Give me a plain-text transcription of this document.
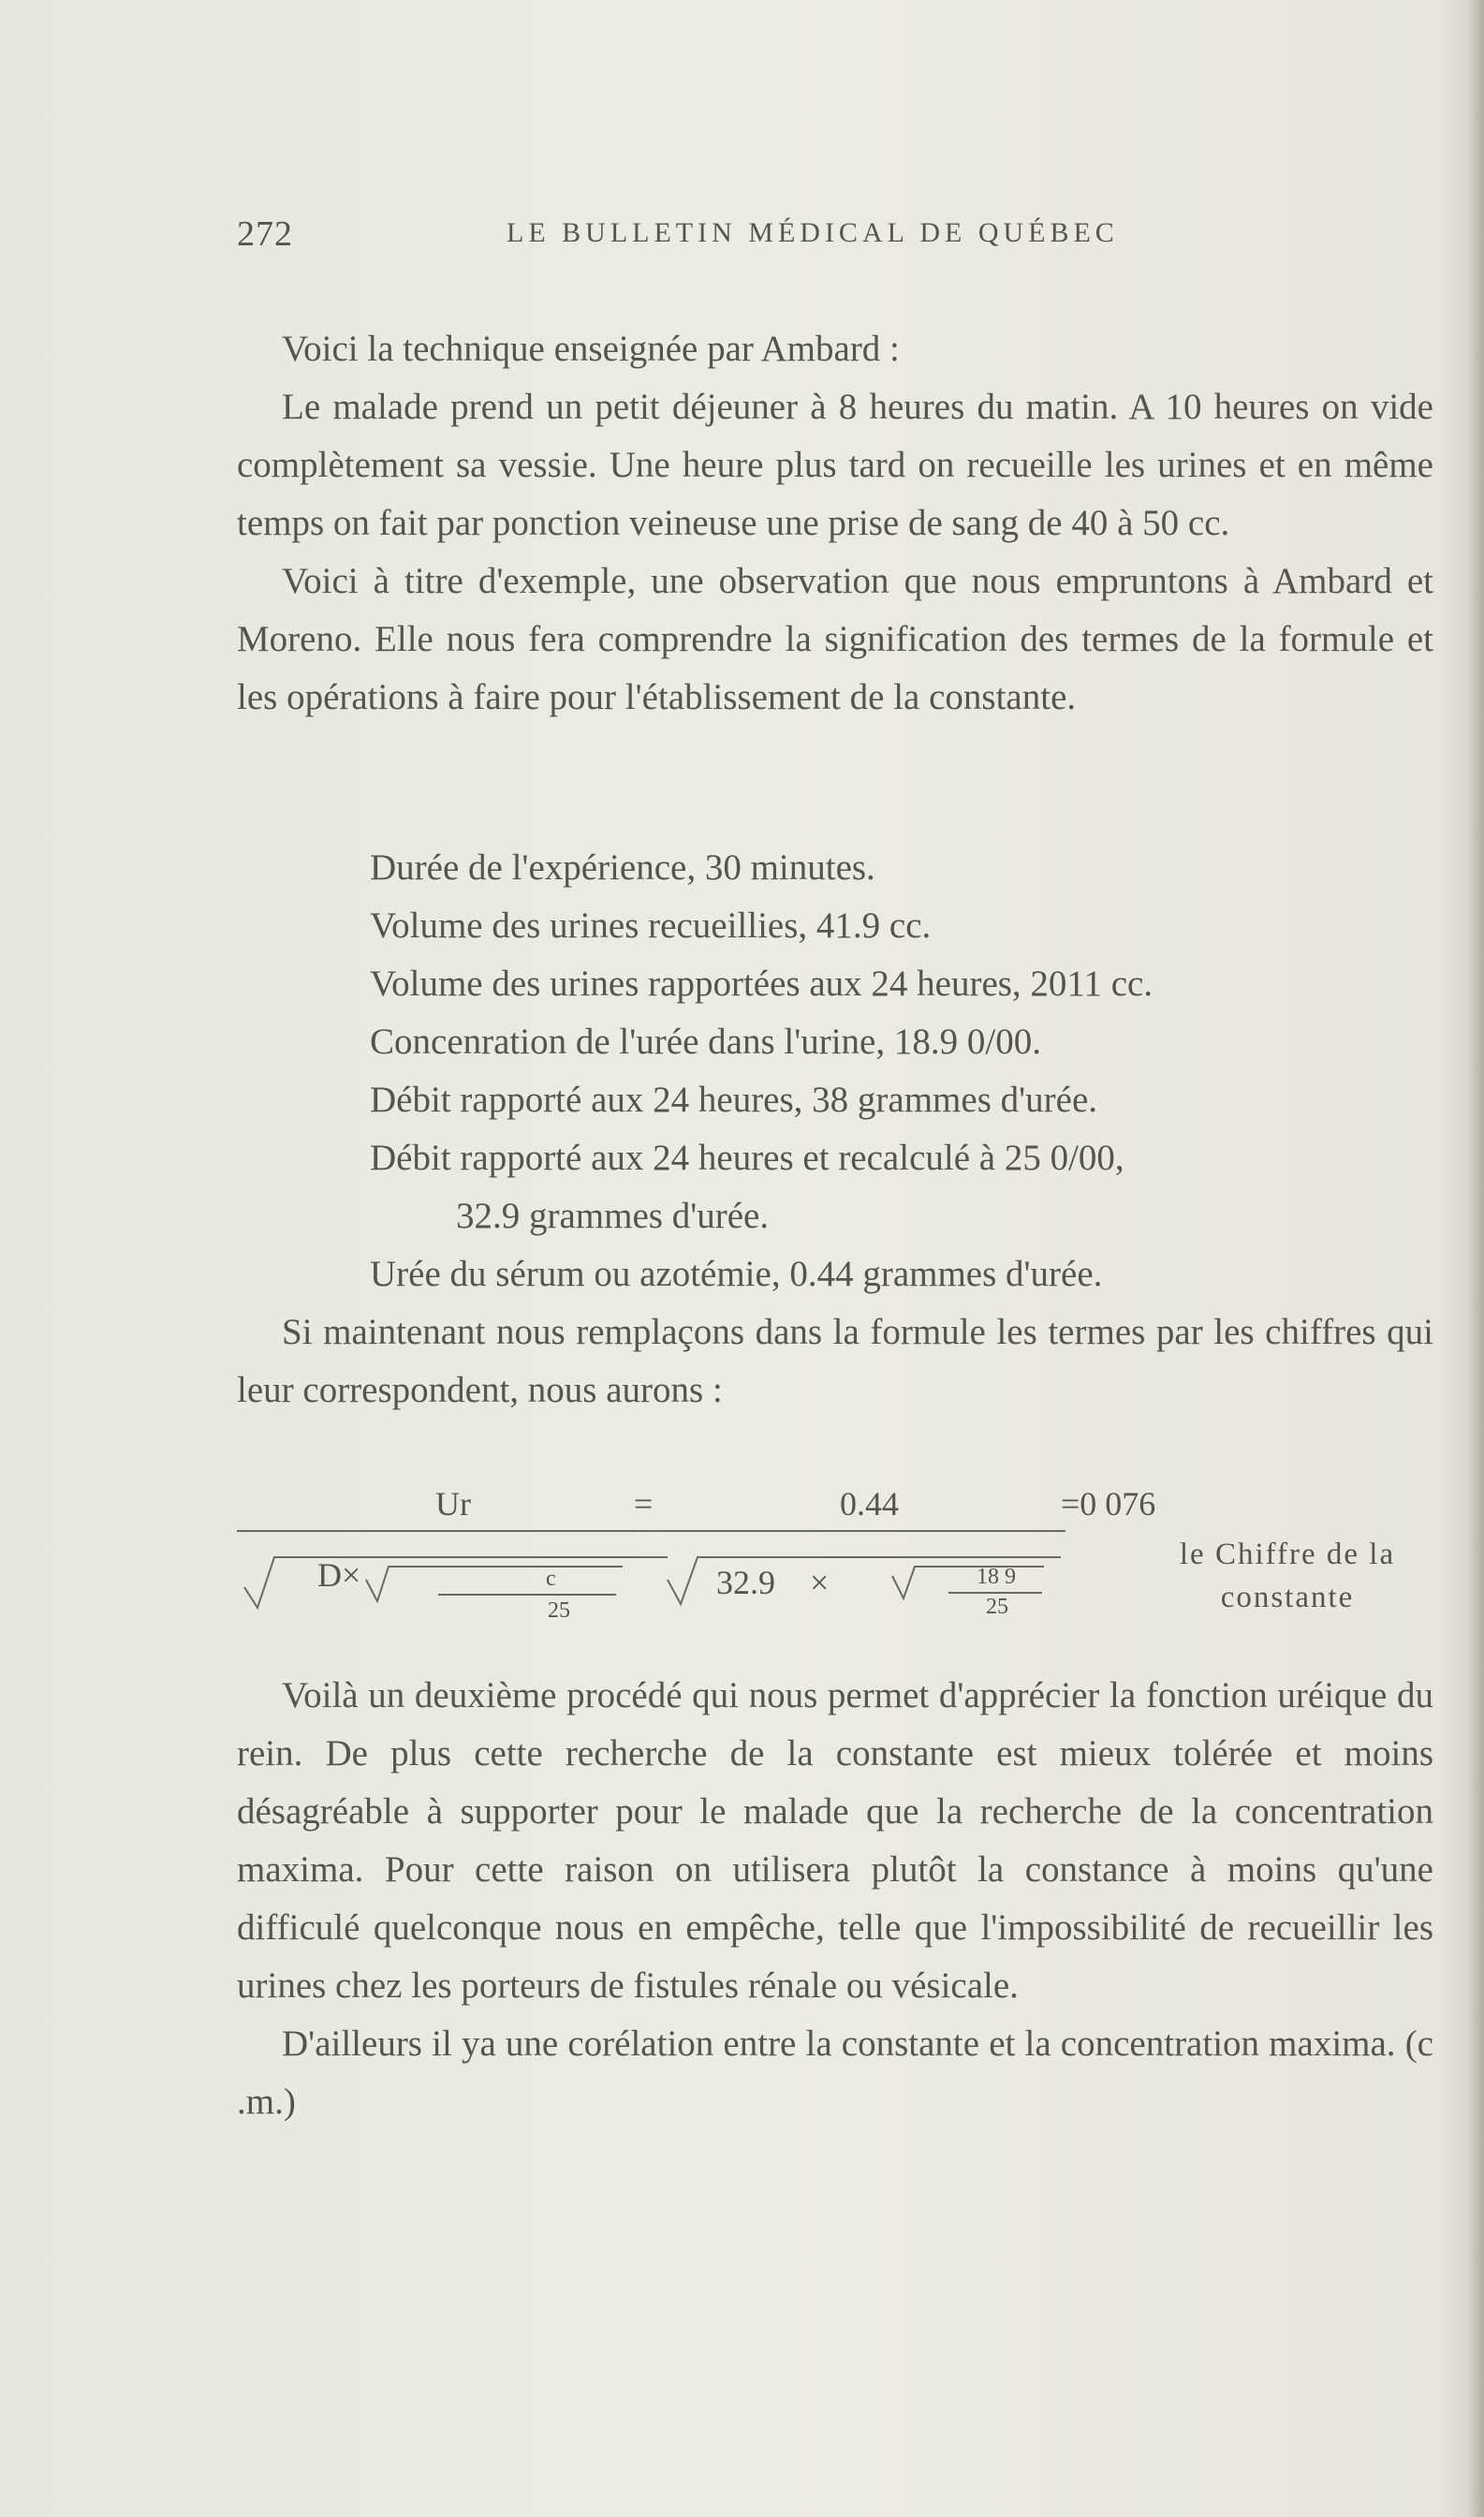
272	LE BULLETIN MÉDICAL DE QUÉBEC

Voici la technique enseignée par Ambard :

Le malade prend un petit déjeuner à 8 heures du matin. A 10 heures on vide complètement sa vessie. Une heure plus tard on recueille les urines et en même temps on fait par ponction veineuse une prise de sang de 40 à 50 cc.

Voici à titre d'exemple, une observation que nous empruntons à Ambard et Moreno. Elle nous fera comprendre la signification des termes de la formule et les opérations à faire pour l'établissement de la constante.

Durée de l'expérience, 30 minutes.
Volume des urines recueillies, 41.9 cc.
Volume des urines rapportées aux 24 heures, 2011 cc.
Concenration de l'urée dans l'urine, 18.9 0/00.
Débit rapporté aux 24 heures, 38 grammes d'urée.
Débit rapporté aux 24 heures et recalculé à 25 0/00,
32.9 grammes d'urée.
Urée du sérum ou azotémie, 0.44 grammes d'urée.

Si maintenant nous remplaçons dans la formule les termes par les chiffres qui leur correspondent, nous aurons :

Ur	=	0.44	=0 076
D ×	c
25
32.9 ×	18 9
25
le Chiffre de la
constante

Voilà un deuxième procédé qui nous permet d'apprécier la fonction uréique du rein. De plus cette recherche de la constante est mieux tolérée et moins désagréable à supporter pour le malade que la recherche de la concentration maxima. Pour cette raison on utilisera plutôt la constance à moins qu'une difficulé quelconque nous en empêche, telle que l'impossibilité de recueillir les urines chez les porteurs de fistules rénale ou vésicale.

D'ailleurs il ya une corélation entre la constante et la concentration maxima. (c .m.)
